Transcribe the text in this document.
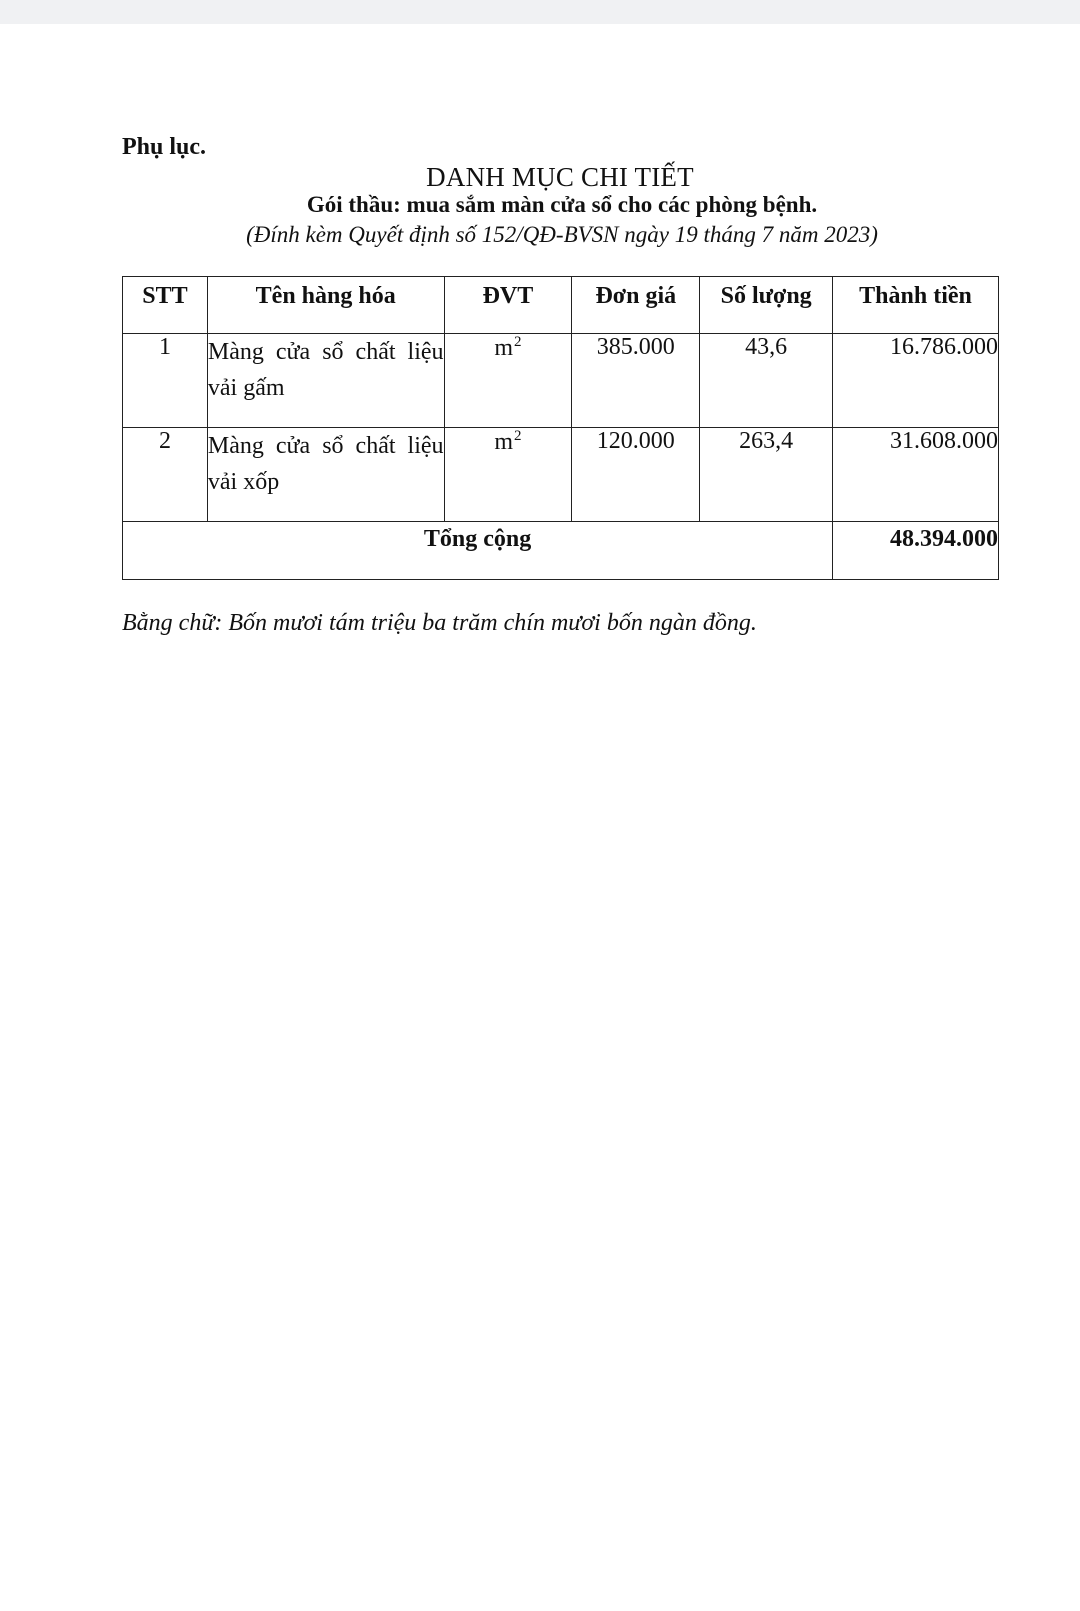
Phụ lục.
DANH MỤC CHI TIẾT
Gói thầu: mua sắm màn cửa sổ cho các phòng bệnh.
(Đính kèm Quyết định số 152/QĐ-BVSN ngày 19 tháng 7 năm 2023)
STT	Tên hàng hóa	ĐVT	Đơn giá	Số lượng	Thành tiền
1	Màng cửa sổ chất liệu vải gấm	$m^2$	385.000	43,6	16.786.000
2	Màng cửa sổ chất liệu vải xốp	$m^2$	120.000	263,4	31.608.000
Tổng cộng					48.394.000
Bằng chữ: Bốn mươi tám triệu ba trăm chín mươi bốn ngàn đồng.
